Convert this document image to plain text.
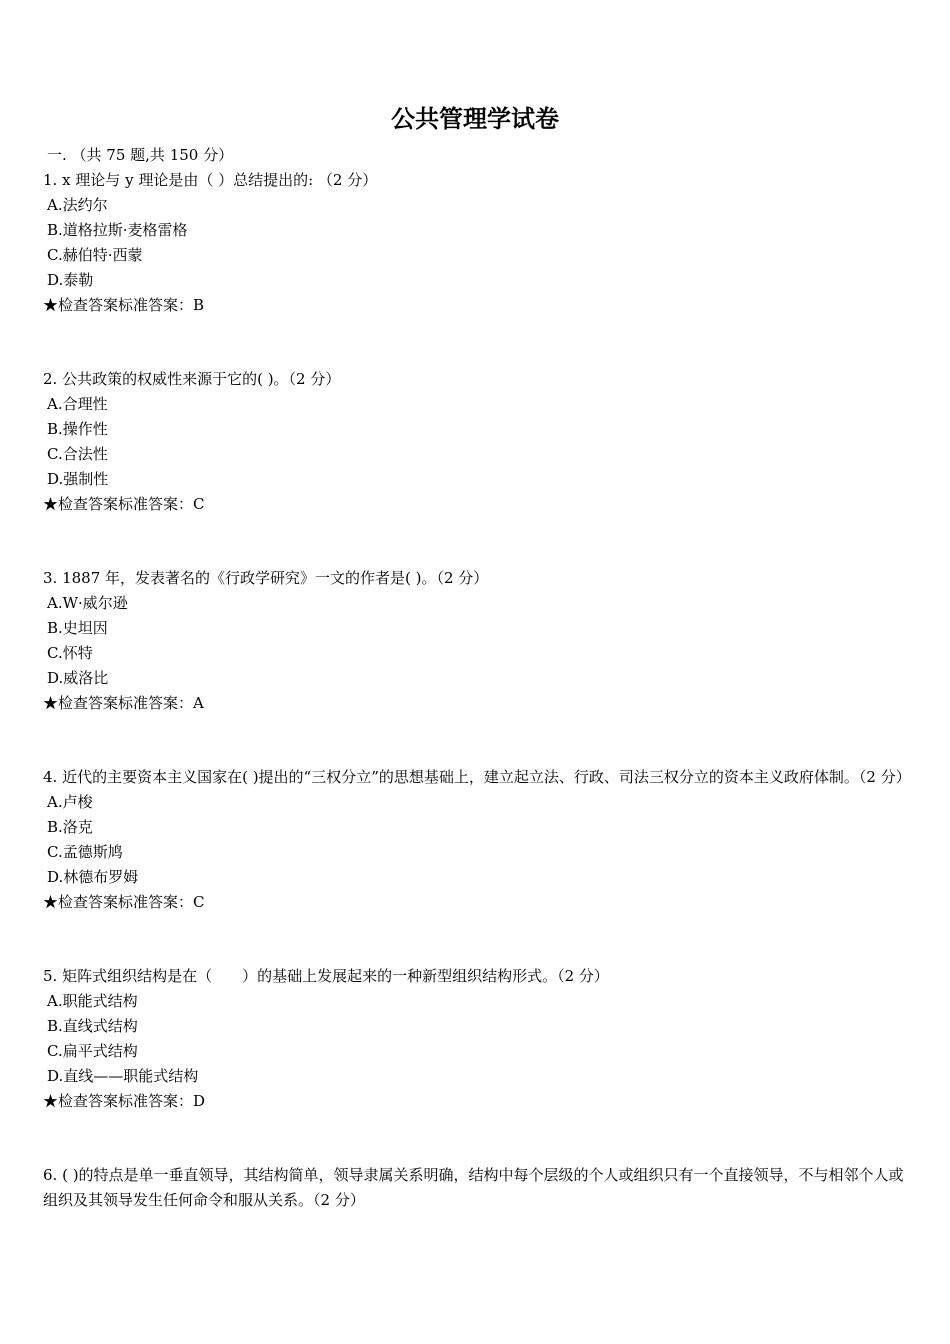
公共管理学试卷
一. （共 75 题,共 150 分）
1. x 理论与 y 理论是由（ ）总结提出的: （2 分）
A.法约尔
B.道格拉斯·麦格雷格
C.赫伯特·西蒙
D.泰勒
★检查答案标准答案：B
2. 公共政策的权威性来源于它的( )。（2 分）
A.合理性
B.操作性
C.合法性
D.强制性
★检查答案标准答案：C
3. 1887 年，发表著名的《行政学研究》一文的作者是( )。（2 分）
A.W·威尔逊
B.史坦因
C.怀特
D.威洛比
★检查答案标准答案：A
4. 近代的主要资本主义国家在( )提出的“三权分立”的思想基础上，建立起立法、行政、司法三权分立的资本主义政府体制。（2 分）
A.卢梭
B.洛克
C.孟德斯鸠
D.林德布罗姆
★检查答案标准答案：C
5. 矩阵式组织结构是在（　　）的基础上发展起来的一种新型组织结构形式。（2 分）
A.职能式结构
B.直线式结构
C.扁平式结构
D.直线——职能式结构
★检查答案标准答案：D
6. ( )的特点是单一垂直领导，其结构简单，领导隶属关系明确，结构中每个层级的个人或组织只有一个直接领导，不与相邻个人或组织及其领导发生任何命令和服从关系。（2 分）
